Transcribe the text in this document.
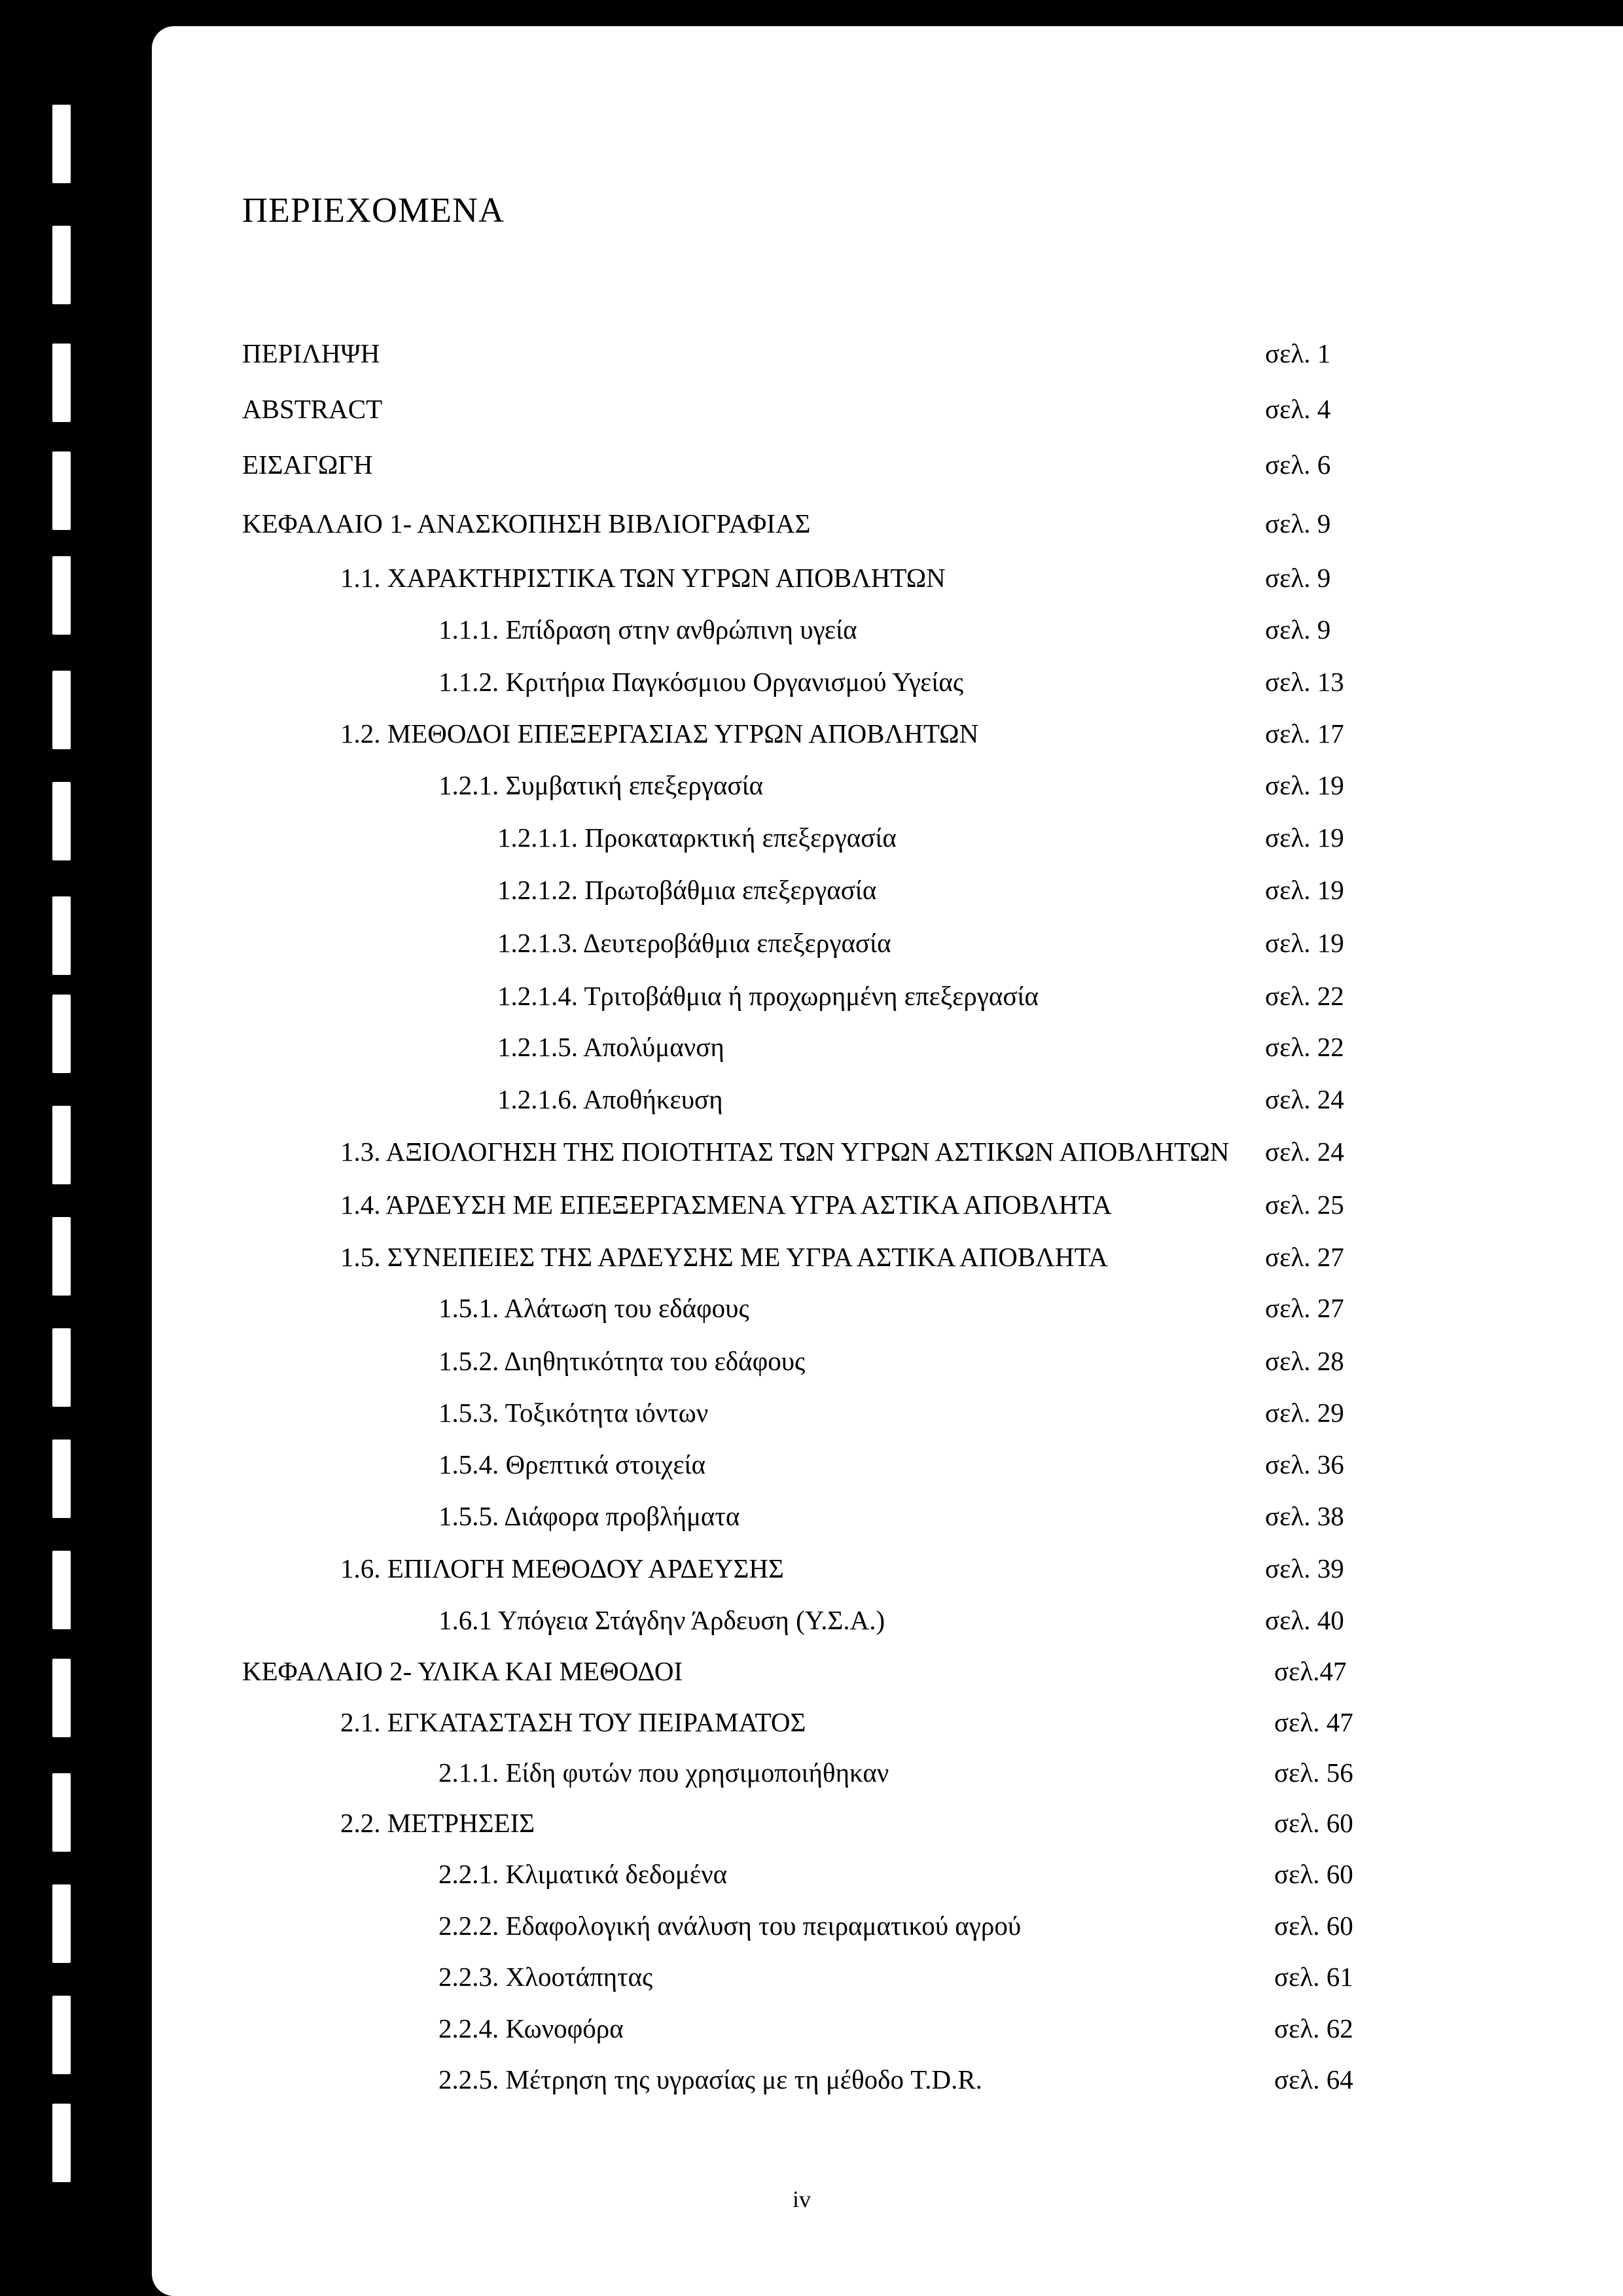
ΠΕΡΙΕΧΟΜΕΝΑ
ΠΕΡΙΛΗΨΗ	σελ. 1
ABSTRACT	σελ. 4
ΕΙΣΑΓΩΓΗ	σελ. 6
ΚΕΦΑΛΑΙΟ 1- ΑΝΑΣΚΟΠΗΣΗ ΒΙΒΛΙΟΓΡΑΦΙΑΣ	σελ. 9
1.1. ΧΑΡΑΚΤΗΡΙΣΤΙΚΑ ΤΩΝ ΥΓΡΩΝ ΑΠΟΒΛΗΤΩΝ	σελ. 9
1.1.1. Επίδραση στην ανθρώπινη υγεία	σελ. 9
1.1.2. Κριτήρια Παγκόσμιου Οργανισμού Υγείας	σελ. 13
1.2. ΜΕΘΟΔΟΙ ΕΠΕΞΕΡΓΑΣΙΑΣ ΥΓΡΩΝ ΑΠΟΒΛΗΤΩΝ	σελ. 17
1.2.1. Συμβατική επεξεργασία	σελ. 19
1.2.1.1. Προκαταρκτική επεξεργασία	σελ. 19
1.2.1.2. Πρωτοβάθμια επεξεργασία	σελ. 19
1.2.1.3. Δευτεροβάθμια επεξεργασία	σελ. 19
1.2.1.4. Τριτοβάθμια ή προχωρημένη επεξεργασία	σελ. 22
1.2.1.5. Απολύμανση	σελ. 22
1.2.1.6. Αποθήκευση	σελ. 24
1.3. ΑΞΙΟΛΟΓΗΣΗ ΤΗΣ ΠΟΙΟΤΗΤΑΣ ΤΩΝ ΥΓΡΩΝ ΑΣΤΙΚΩΝ ΑΠΟΒΛΗΤΩΝ σελ. 24
1.4. ΆΡΔΕΥΣΗ ΜΕ ΕΠΕΞΕΡΓΑΣΜΕΝΑ ΥΓΡΑ ΑΣΤΙΚΑ ΑΠΟΒΛΗΤΑ	σελ. 25
1.5. ΣΥΝΕΠΕΙΕΣ ΤΗΣ ΑΡΔΕΥΣΗΣ ΜΕ ΥΓΡΑ ΑΣΤΙΚΑ ΑΠΟΒΛΗΤΑ	σελ. 27
1.5.1. Αλάτωση του εδάφους	σελ. 27
1.5.2. Διηθητικότητα του εδάφους	σελ. 28
1.5.3. Τοξικότητα ιόντων	σελ. 29
1.5.4. Θρεπτικά στοιχεία	σελ. 36
1.5.5. Διάφορα προβλήματα	σελ. 38
1.6. ΕΠΙΛΟΓΗ ΜΕΘΟΔΟΥ ΑΡΔΕΥΣΗΣ	σελ. 39
1.6.1 Υπόγεια Στάγδην Άρδευση (Υ.Σ.Α.)	σελ. 40
ΚΕΦΑΛΑΙΟ 2- ΥΛΙΚΑ ΚΑΙ ΜΕΘΟΔΟΙ	σελ.47
2.1. ΕΓΚΑΤΑΣΤΑΣΗ ΤΟΥ ΠΕΙΡΑΜΑΤΟΣ	σελ. 47
2.1.1. Είδη φυτών που χρησιμοποιήθηκαν	σελ. 56
2.2. ΜΕΤΡΗΣΕΙΣ	σελ. 60
2.2.1. Κλιματικά δεδομένα	σελ. 60
2.2.2. Εδαφολογική ανάλυση του πειραματικού αγρού	σελ. 60
2.2.3. Χλοοτάπητας	σελ. 61
2.2.4. Κωνοφόρα	σελ. 62
2.2.5. Μέτρηση της υγρασίας με τη μέθοδο T.D.R.	σελ. 64
iv
